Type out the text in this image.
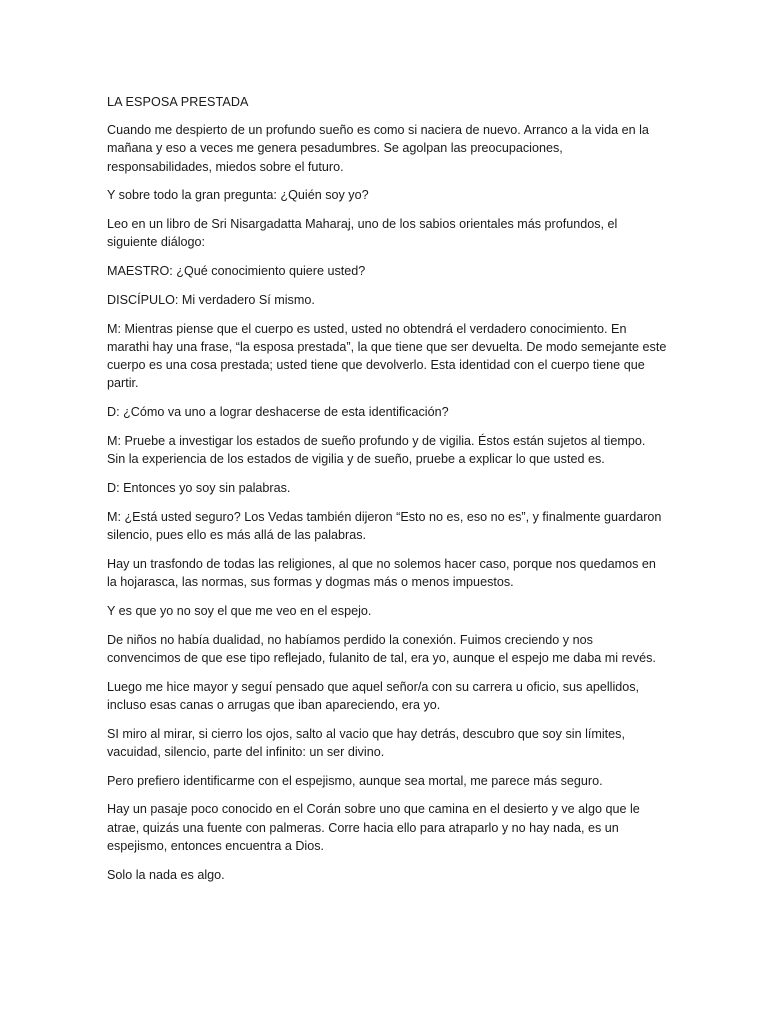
LA ESPOSA PRESTADA

Cuando me despierto de un profundo sueño es como si naciera de nuevo. Arranco a la vida en la mañana y eso a veces me genera pesadumbres. Se agolpan las preocupaciones, responsabilidades, miedos sobre el futuro.

Y sobre todo la gran pregunta: ¿Quién soy yo?

Leo en un libro de Sri Nisargadatta Maharaj, uno de los sabios orientales más profundos, el siguiente diálogo:

MAESTRO: ¿Qué conocimiento quiere usted?

DISCÍPULO: Mi verdadero Sí mismo.

M: Mientras piense que el cuerpo es usted, usted no obtendrá el verdadero conocimiento. En marathi hay una frase, “la esposa prestada”, la que tiene que ser devuelta. De modo semejante este cuerpo es una cosa prestada; usted tiene que devolverlo. Esta identidad con el cuerpo tiene que partir.

D: ¿Cómo va uno a lograr deshacerse de esta identificación?

M: Pruebe a investigar los estados de sueño profundo y de vigilia. Éstos están sujetos al tiempo. Sin la experiencia de los estados de vigilia y de sueño, pruebe a explicar lo que usted es.

D: Entonces yo soy sin palabras.

M: ¿Está usted seguro? Los Vedas también dijeron “Esto no es, eso no es”, y finalmente guardaron silencio, pues ello es más allá de las palabras.

Hay un trasfondo de todas las religiones, al que no solemos hacer caso, porque nos quedamos en la hojarasca, las normas, sus formas y dogmas más o menos impuestos.

Y es que yo no soy el que me veo en el espejo.

De niños no había dualidad, no habíamos perdido la conexión. Fuimos creciendo y nos convencimos de que ese tipo reflejado, fulanito de tal, era yo, aunque el espejo me daba mi revés.

Luego me hice mayor y seguí pensado que aquel señor/a con su carrera u oficio, sus apellidos, incluso esas canas o arrugas que iban apareciendo, era yo.

SI miro al mirar, si cierro los ojos, salto al vacio que hay detrás, descubro que soy sin límites, vacuidad, silencio, parte del infinito: un ser divino.

Pero prefiero identificarme con el espejismo, aunque sea mortal, me parece más seguro.

Hay un pasaje poco conocido en el Corán sobre uno que camina en el desierto y ve algo que le atrae, quizás una fuente con palmeras. Corre hacia ello para atraparlo y no hay nada, es un espejismo, entonces encuentra a Dios.

Solo la nada es algo.
